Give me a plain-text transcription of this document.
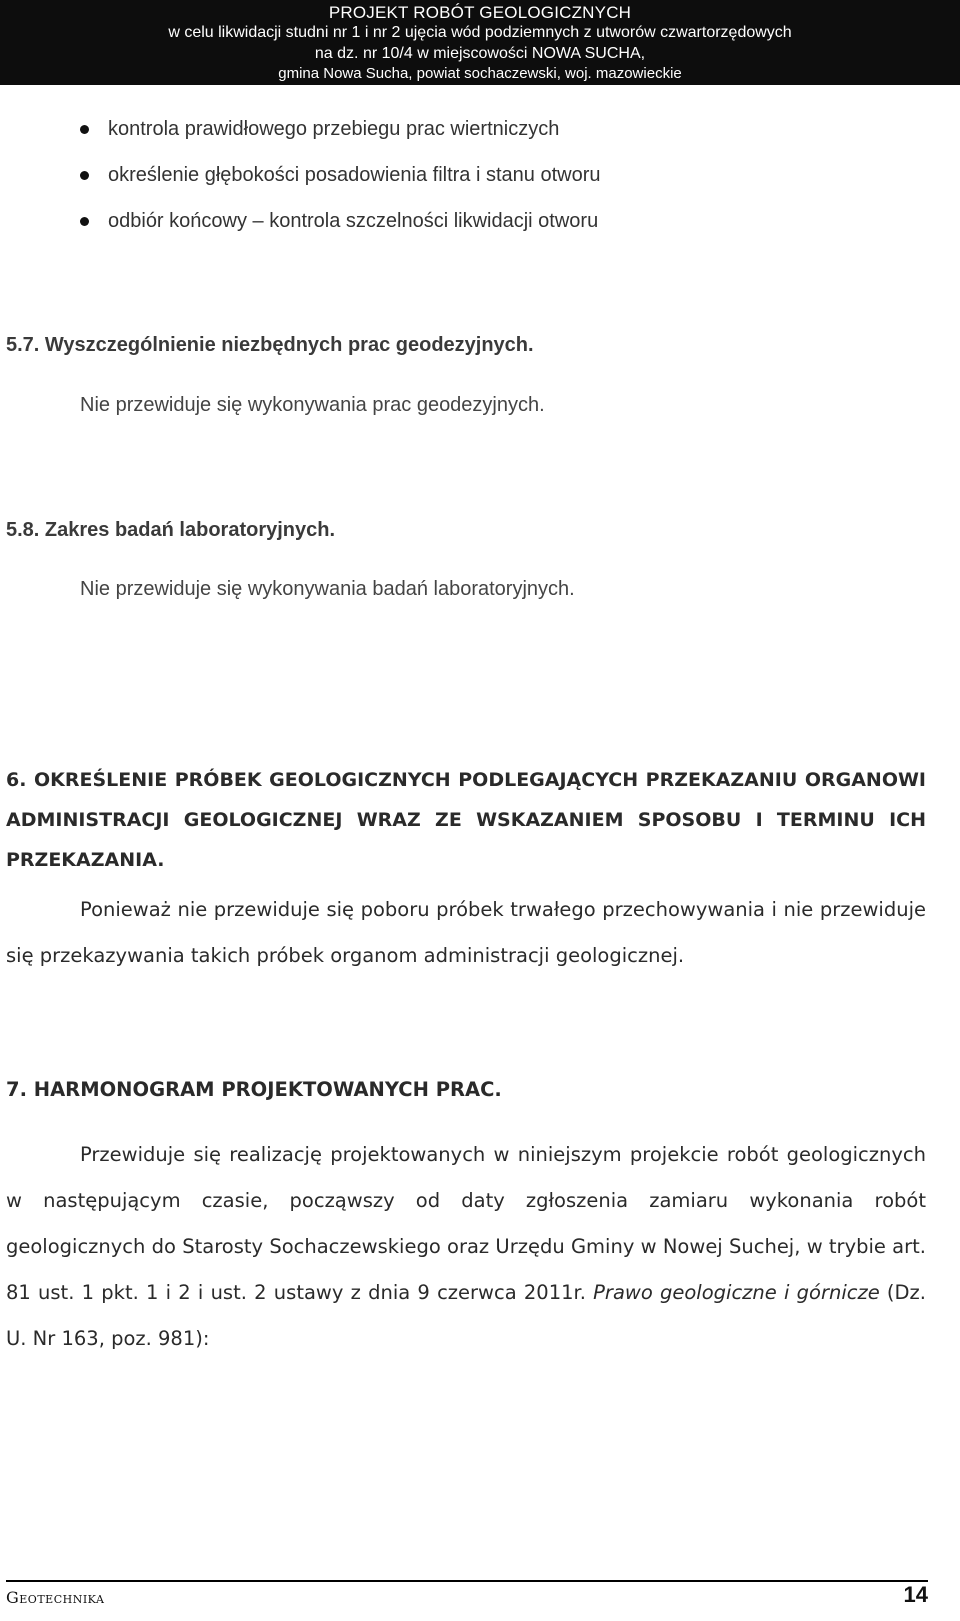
PROJEKT ROBÓT GEOLOGICZNYCH
w celu likwidacji studni nr 1 i nr 2 ujęcia wód podziemnych z utworów czwartorzędowych
na dz. nr 10/4 w miejscowości NOWA SUCHA,
gmina Nowa Sucha, powiat sochaczewski, woj. mazowieckie
kontrola prawidłowego przebiegu prac wiertniczych
określenie głębokości posadowienia filtra i stanu otworu
odbiór końcowy – kontrola szczelności likwidacji otworu
5.7. Wyszczególnienie niezbędnych prac geodezyjnych.
Nie przewiduje się wykonywania prac geodezyjnych.
5.8. Zakres badań laboratoryjnych.
Nie przewiduje się wykonywania badań laboratoryjnych.
6. OKREŚLENIE PRÓBEK GEOLOGICZNYCH PODLEGAJĄCYCH PRZEKAZANIU ORGANOWI ADMINISTRACJI GEOLOGICZNEJ WRAZ ZE WSKAZANIEM SPOSOBU I TERMINU ICH PRZEKAZANIA.
Ponieważ nie przewiduje się poboru próbek trwałego przechowywania i nie przewiduje się przekazywania takich próbek organom administracji geologicznej.
7. HARMONOGRAM PROJEKTOWANYCH PRAC.
Przewiduje się realizację projektowanych w niniejszym projekcie robót geologicznych w następującym czasie, począwszy od daty zgłoszenia zamiaru wykonania robót geologicznych do Starosty Sochaczewskiego oraz Urzędu Gminy w Nowej Suchej, w trybie art. 81 ust. 1 pkt. 1 i 2 i ust. 2 ustawy z dnia 9 czerwca 2011r. Prawo geologiczne i górnicze (Dz. U. Nr 163, poz. 981):
Geotechnika	14
